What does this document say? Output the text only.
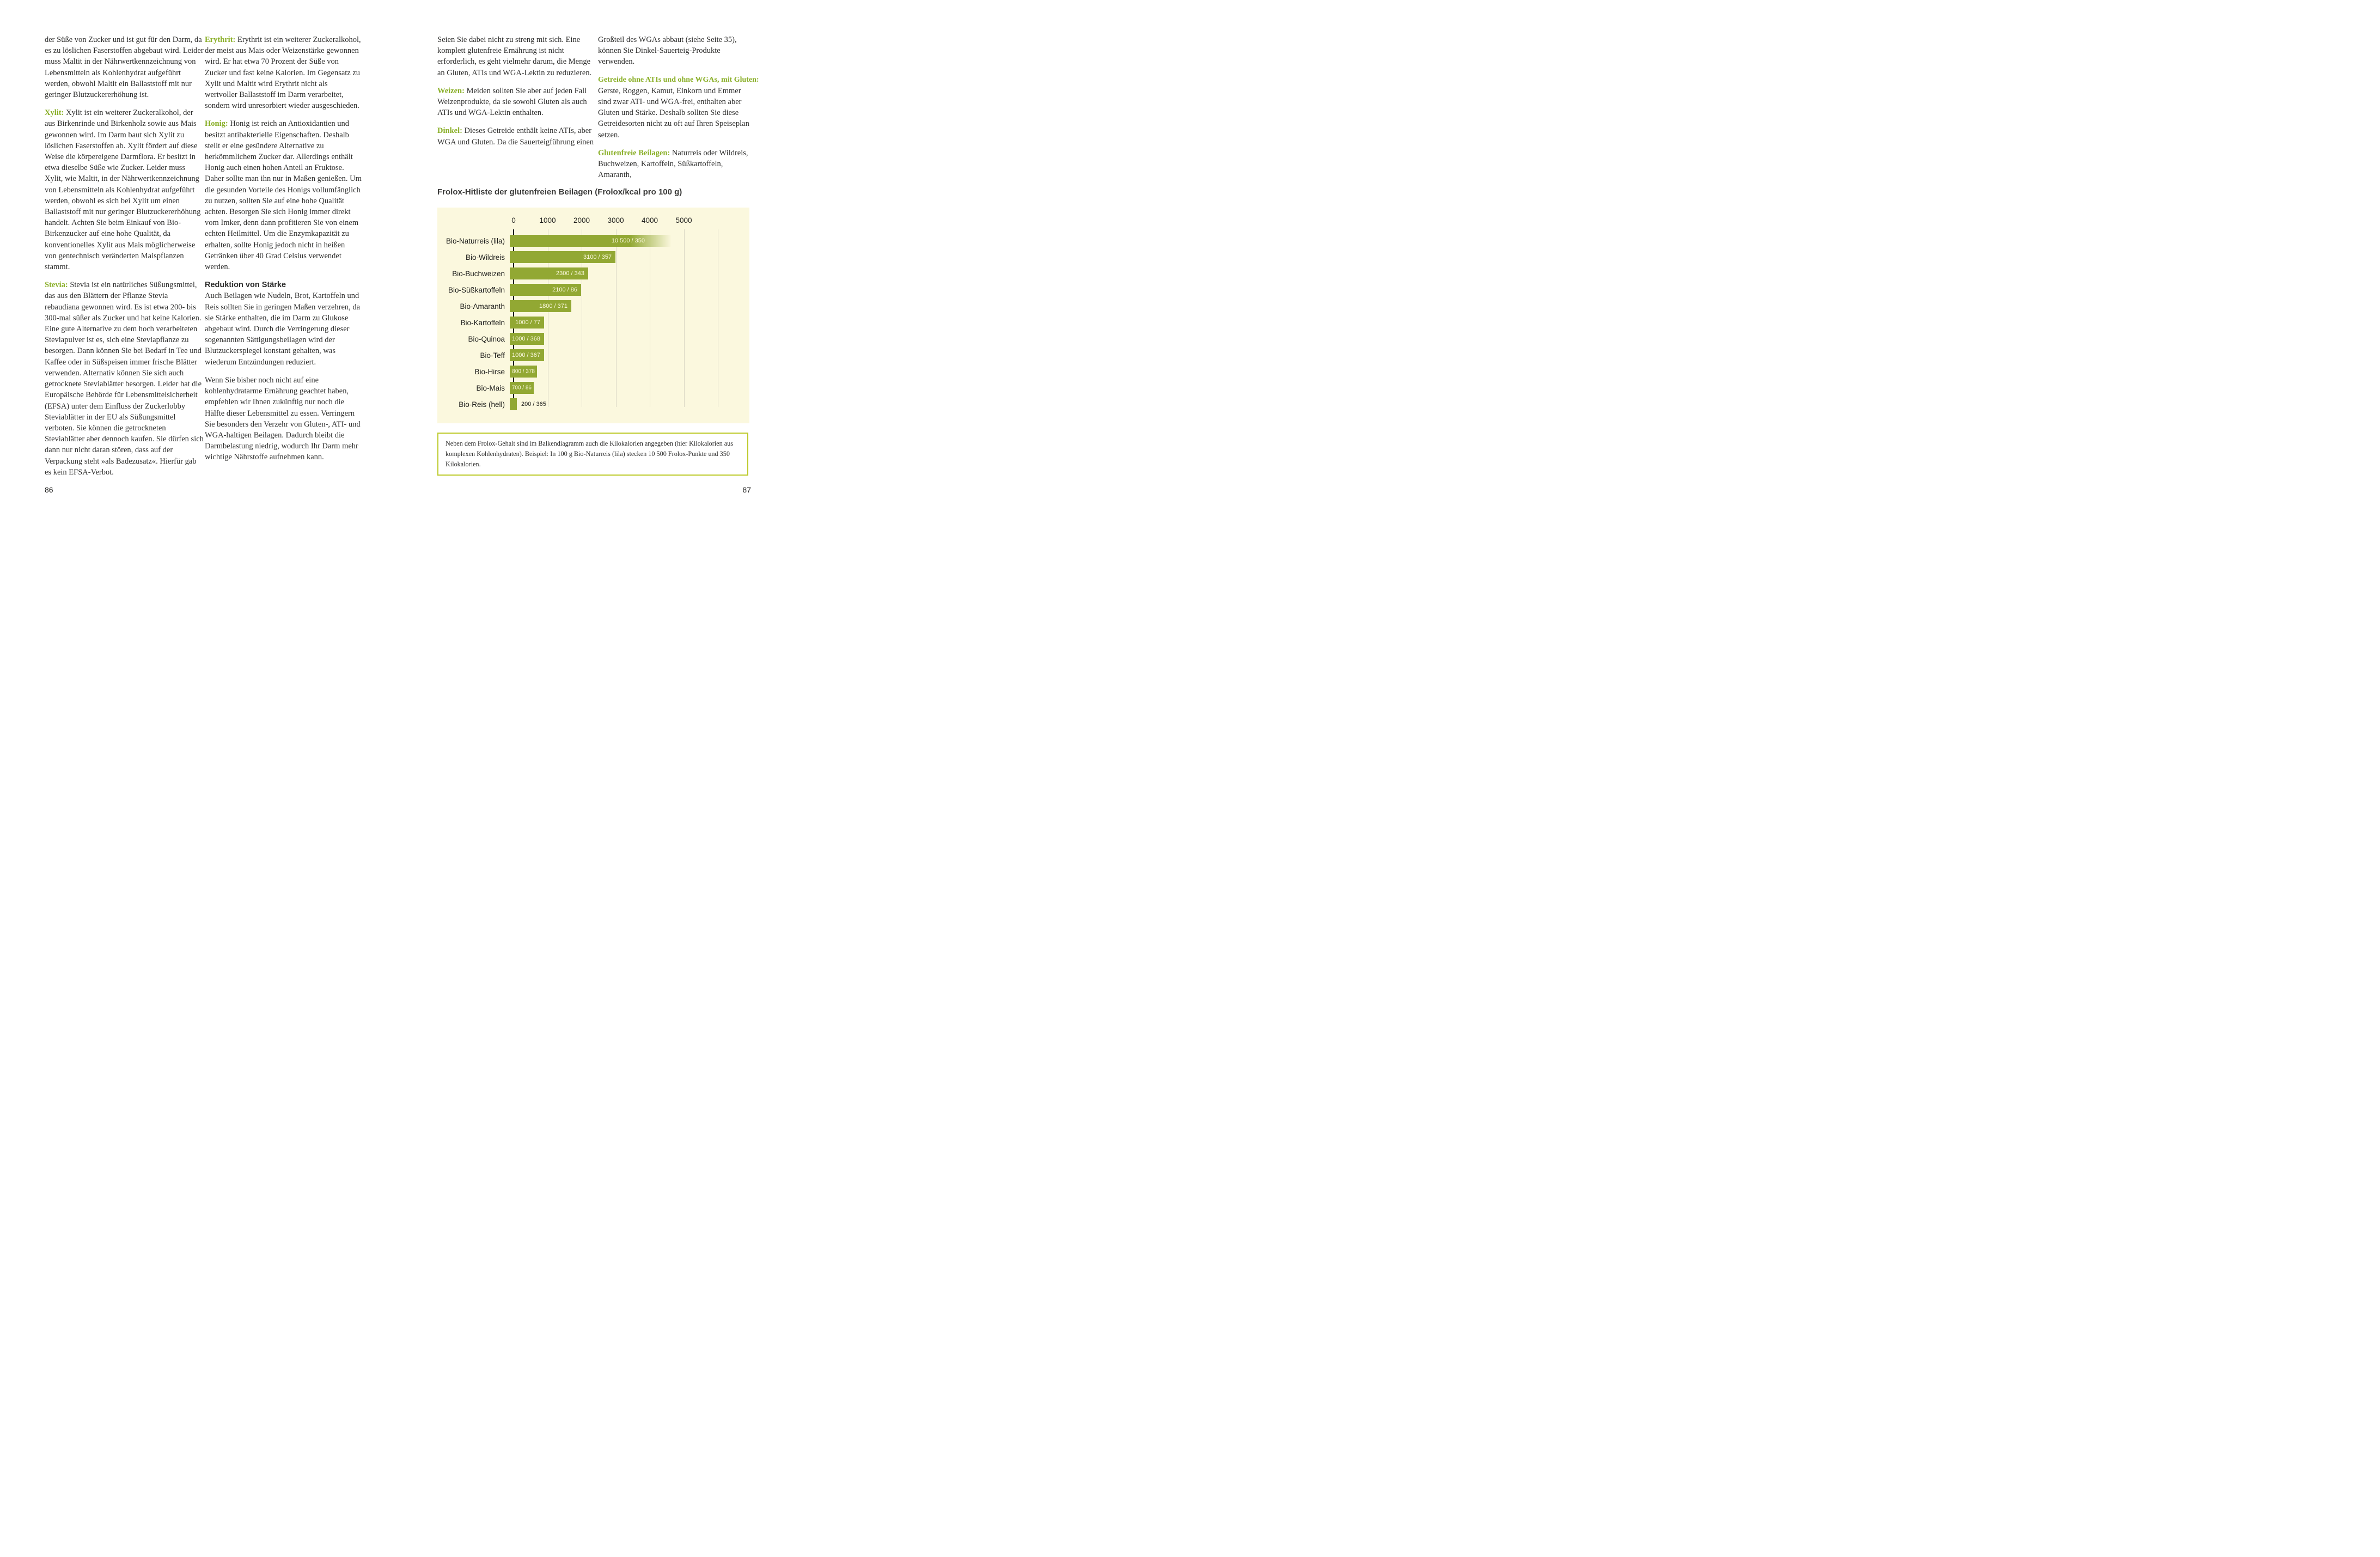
der Süße von Zucker und ist gut für den Darm, da es zu löslichen Faserstoffen abgebaut wird. Leider muss Maltit in der Nährwertkennzeichnung von Lebensmitteln als Kohlenhydrat aufgeführt werden, obwohl Maltit ein Ballaststoff mit nur geringer Blutzuckererhöhung ist.

Xylit: Xylit ist ein weiterer Zuckeralkohol, der aus Birkenrinde und Birkenholz sowie aus Mais gewonnen wird. Im Darm baut sich Xylit zu löslichen Faserstoffen ab. Xylit fördert auf diese Weise die körpereigene Darmflora. Er besitzt in etwa dieselbe Süße wie Zucker. Leider muss Xylit, wie Maltit, in der Nährwertkennzeichnung von Lebensmitteln als Kohlenhydrat aufgeführt werden, obwohl es sich bei Xylit um einen Ballaststoff mit nur geringer Blutzuckererhöhung handelt. Achten Sie beim Einkauf von Bio-Birkenzucker auf eine hohe Qualität, da konventionelles Xylit aus Mais möglicherweise von gentechnisch veränderten Maispflanzen stammt.

Stevia: Stevia ist ein natürliches Süßungsmittel, das aus den Blättern der Pflanze Stevia rebaudiana gewonnen wird. Es ist etwa 200- bis 300-mal süßer als Zucker und hat keine Kalorien. Eine gute Alternative zu dem hoch verarbeiteten Steviapulver ist es, sich eine Steviapflanze zu besorgen. Dann können Sie bei Bedarf in Tee und Kaffee oder in Süßspeisen immer frische Blätter verwenden. Alternativ können Sie sich auch getrocknete Steviablätter besorgen. Leider hat die Europäische Behörde für Lebensmittelsicherheit (EFSA) unter dem Einfluss der Zuckerlobby Steviablätter in der EU als Süßungsmittel verboten. Sie können die getrockneten Steviablätter aber dennoch kaufen. Sie dürfen sich dann nur nicht daran stören, dass auf der Verpackung steht »als Badezusatz«. Hierfür gab es kein EFSA-Verbot.

Erythrit: Erythrit ist ein weiterer Zuckeralkohol, der meist aus Mais oder Weizenstärke gewonnen wird. Er hat etwa 70 Prozent der Süße von Zucker und fast keine Kalorien. Im Gegensatz zu Xylit und Maltit wird Erythrit nicht als wertvoller Ballaststoff im Darm verarbeitet, sondern wird unresorbiert wieder ausgeschieden.

Honig: Honig ist reich an Antioxidantien und besitzt antibakterielle Eigenschaften. Deshalb stellt er eine gesündere Alternative zu herkömmlichem Zucker dar. Allerdings enthält Honig auch einen hohen Anteil an Fruktose. Daher sollte man ihn nur in Maßen genießen. Um die gesunden Vorteile des Honigs vollumfänglich zu nutzen, sollten Sie auf eine hohe Qualität achten. Besorgen Sie sich Honig immer direkt vom Imker, denn dann profitieren Sie von einem echten Heilmittel. Um die Enzymkapazität zu erhalten, sollte Honig jedoch nicht in heißen Getränken über 40 Grad Celsius verwendet werden.

Reduktion von Stärke

Auch Beilagen wie Nudeln, Brot, Kartoffeln und Reis sollten Sie in geringen Maßen verzehren, da sie Stärke enthalten, die im Darm zu Glukose abgebaut wird. Durch die Verringerung dieser sogenannten Sättigungsbeilagen wird der Blutzuckerspiegel konstant gehalten, was wiederum Entzündungen reduziert.

Wenn Sie bisher noch nicht auf eine kohlenhydratarme Ernährung geachtet haben, empfehlen wir Ihnen zukünftig nur noch die Hälfte dieser Lebensmittel zu essen. Verringern Sie besonders den Verzehr von Gluten-, ATI- und WGA-haltigen Beilagen. Dadurch bleibt die Darmbelastung niedrig, wodurch Ihr Darm mehr wichtige Nährstoffe aufnehmen kann.

Seien Sie dabei nicht zu streng mit sich. Eine komplett glutenfreie Ernährung ist nicht erforderlich, es geht vielmehr darum, die Menge an Gluten, ATIs und WGA-Lektin zu reduzieren.

Weizen: Meiden sollten Sie aber auf jeden Fall Weizenprodukte, da sie sowohl Gluten als auch ATIs und WGA-Lektin enthalten.

Dinkel: Dieses Getreide enthält keine ATIs, aber WGA und Gluten. Da die Sauerteigführung einen

Großteil des WGAs abbaut (siehe Seite 35), können Sie Dinkel-Sauerteig-Produkte verwenden.

Getreide ohne ATIs und ohne WGAs, mit Gluten:

Gerste, Roggen, Kamut, Einkorn und Emmer sind zwar ATI- und WGA-frei, enthalten aber Gluten und Stärke. Deshalb sollten Sie diese Getreidesorten nicht zu oft auf Ihren Speiseplan setzen.

Glutenfreie Beilagen: Naturreis oder Wildreis, Buchweizen, Kartoffeln, Süßkartoffeln, Amaranth,

Frolox-Hitliste der glutenfreien Beilagen (Frolox/kcal pro 100 g)
0	1000 2000 3000 4000 5000
Bio-Naturreis (lila)	10 500 / 350
Bio-Wildreis	3100 / 357
Bio-Buchweizen	2300 / 343
Bio-Süßkartoffeln	2100 / 86
Bio-Amaranth	1800 / 371
Bio-Kartoffeln	1000 / 77
Bio-Quinoa	1000 / 368
Bio-Teff	1000 / 367
Bio-Hirse	800 / 378
Bio-Mais	700 / 86
Bio-Reis (hell)	200 / 365

Neben dem Frolox-Gehalt sind im Balkendiagramm auch die Kilokalorien angegeben (hier Kilokalorien aus komplexen Kohlenhydraten). Beispiel: In 100 g Bio-Naturreis (lila) stecken 10 500 Frolox-Punkte und 350 Kilokalorien.

86	87
